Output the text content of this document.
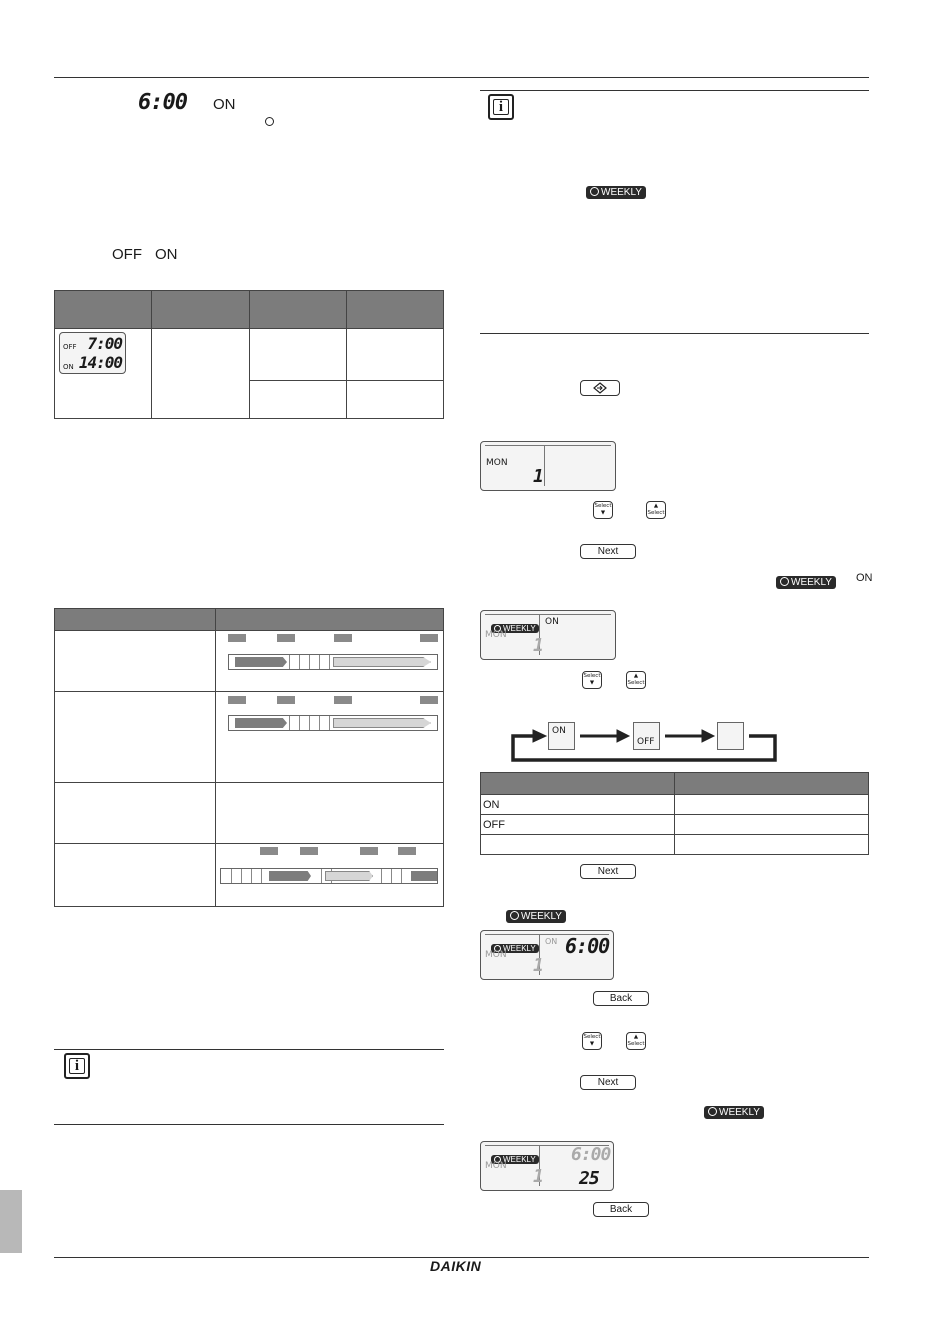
6:00 ON
OFF ON

OFF 7:00
ON 14:00			

i
i
WEEKLY
MON
1
Select
▼
▲
Select
Next
WEEKLY	ON
WEEKLY
ON
MON 1
Select
▼
▲
Select
ON
OFF

ON	
OFF	

Next
WEEKLY
WEEKLY
ON
MON 1
6:00
Back
Select
▼
▲
Select
Next
WEEKLY
WEEKLY
MON 1
6:00
25
Back
DAIKIN
